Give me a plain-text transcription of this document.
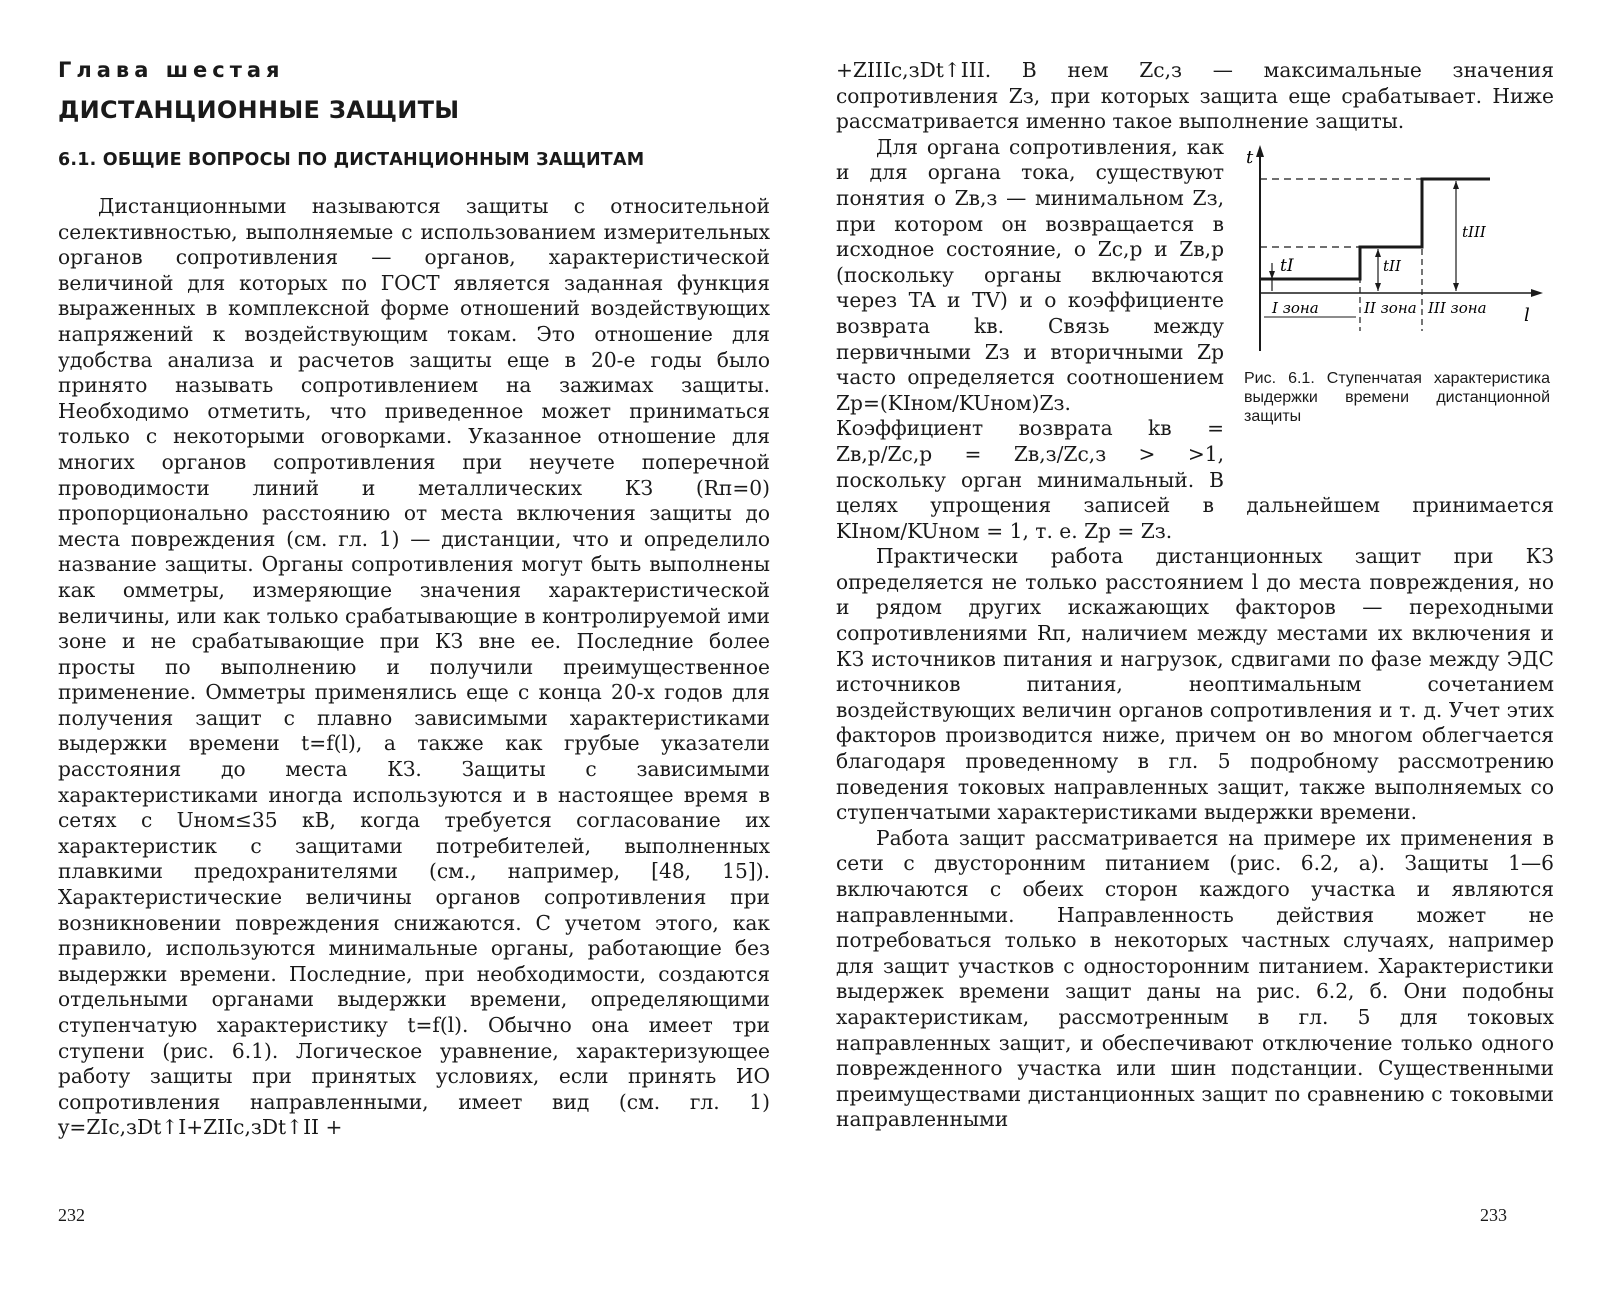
Глава шестая
ДИСТАНЦИОННЫЕ ЗАЩИТЫ
6.1. ОБЩИЕ ВОПРОСЫ ПО ДИСТАНЦИОННЫМ ЗАЩИТАМ

Дистанционными называются защиты с относительной селективностью, выполняемые с использованием измерительных органов сопротивления — органов, характеристической величиной для которых по ГОСТ является заданная функция выраженных в комплексной форме отношений воздействующих напряжений к воздействующим токам. Это отношение для удобства анализа и расчетов защиты еще в 20-е годы было принято называть сопротивлением на зажимах защиты. Необходимо отметить, что приведенное может приниматься только с некоторыми оговорками. Указанное отношение для многих органов сопротивления при неучете поперечной проводимости линий и металлических КЗ (Rп=0) пропорционально расстоянию от места включения защиты до места повреждения (см. гл. 1) — дистанции, что и определило название защиты. Органы сопротивления могут быть выполнены как омметры, измеряющие значения характеристической величины, или как только срабатывающие в контролируемой ими зоне и не срабатывающие при КЗ вне ее. Последние более просты по выполнению и получили преимущественное применение. Омметры применялись еще с конца 20-х годов для получения защит с плавно зависимыми характеристиками выдержки времени t=f(l), а также как грубые указатели расстояния до места КЗ. Защиты с зависимыми характеристиками иногда используются и в настоящее время в сетях с Uном≤35 кВ, когда требуется согласование их характеристик с защитами потребителей, выполненных плавкими предохранителями (см., например, [48, 15]). Характеристические величины органов сопротивления при возникновении повреждения снижаются. С учетом этого, как правило, используются минимальные органы, работающие без выдержки времени. Последние, при необходимости, создаются отдельными органами выдержки времени, определяющими ступенчатую характеристику t=f(l). Обычно она имеет три ступени (рис. 6.1). Логическое уравнение, характеризующее работу защиты при принятых условиях, если принять ИО сопротивления направленными, имеет вид (см. гл. 1) y=ZIс,зDt↑I+ZIIс,зDt↑II +

232

+ZIIIс,зDt↑III. В нем Zс,з — максимальные значения сопротивления Zз, при которых защита еще срабатывает. Ниже рассматривается именно такое выполнение защиты.

t
l
tI	tII
tIII
I зона	II зона III зона
Рис. 6.1. Ступенчатая характеристика выдержки времени дистанционной защиты

Для органа сопротивления, как и для органа тока, существуют понятия о Zв,з — минимальном Zз, при котором он возвращается в исходное состояние, о Zс,р и Zв,р (поскольку органы включаются через TA и TV) и о коэффициенте возврата kв. Связь между первичными Zз и вторичными Zр часто определяется соотношением Zр=(KIном/KUном)Zз. Коэффициент возврата kв = Zв,р/Zс,р = Zв,з/Zс,з > >1, поскольку орган минимальный. В целях упрощения записей в дальнейшем принимается KIном/KUном = 1, т. е. Zр = Zз.

Практически работа дистанционных защит при КЗ определяется не только расстоянием l до места повреждения, но и рядом других искажающих факторов — переходными сопротивлениями Rп, наличием между местами их включения и КЗ источников питания и нагрузок, сдвигами по фазе между ЭДС источников питания, неоптимальным сочетанием воздействующих величин органов сопротивления и т. д. Учет этих факторов производится ниже, причем он во многом облегчается благодаря проведенному в гл. 5 подробному рассмотрению поведения токовых направленных защит, также выполняемых со ступенчатыми характеристиками выдержки времени.

Работа защит рассматривается на примере их применения в сети с двусторонним питанием (рис. 6.2, а). Защиты 1—6 включаются с обеих сторон каждого участка и являются направленными. Направленность действия может не потребоваться только в некоторых частных случаях, например для защит участков с односторонним питанием. Характеристики выдержек времени защит даны на рис. 6.2, б. Они подобны характеристикам, рассмотренным в гл. 5 для токовых направленных защит, и обеспечивают отключение только одного поврежденного участка или шин подстанции. Существенными преимуществами дистанционных защит по сравнению с токовыми направленными

233
